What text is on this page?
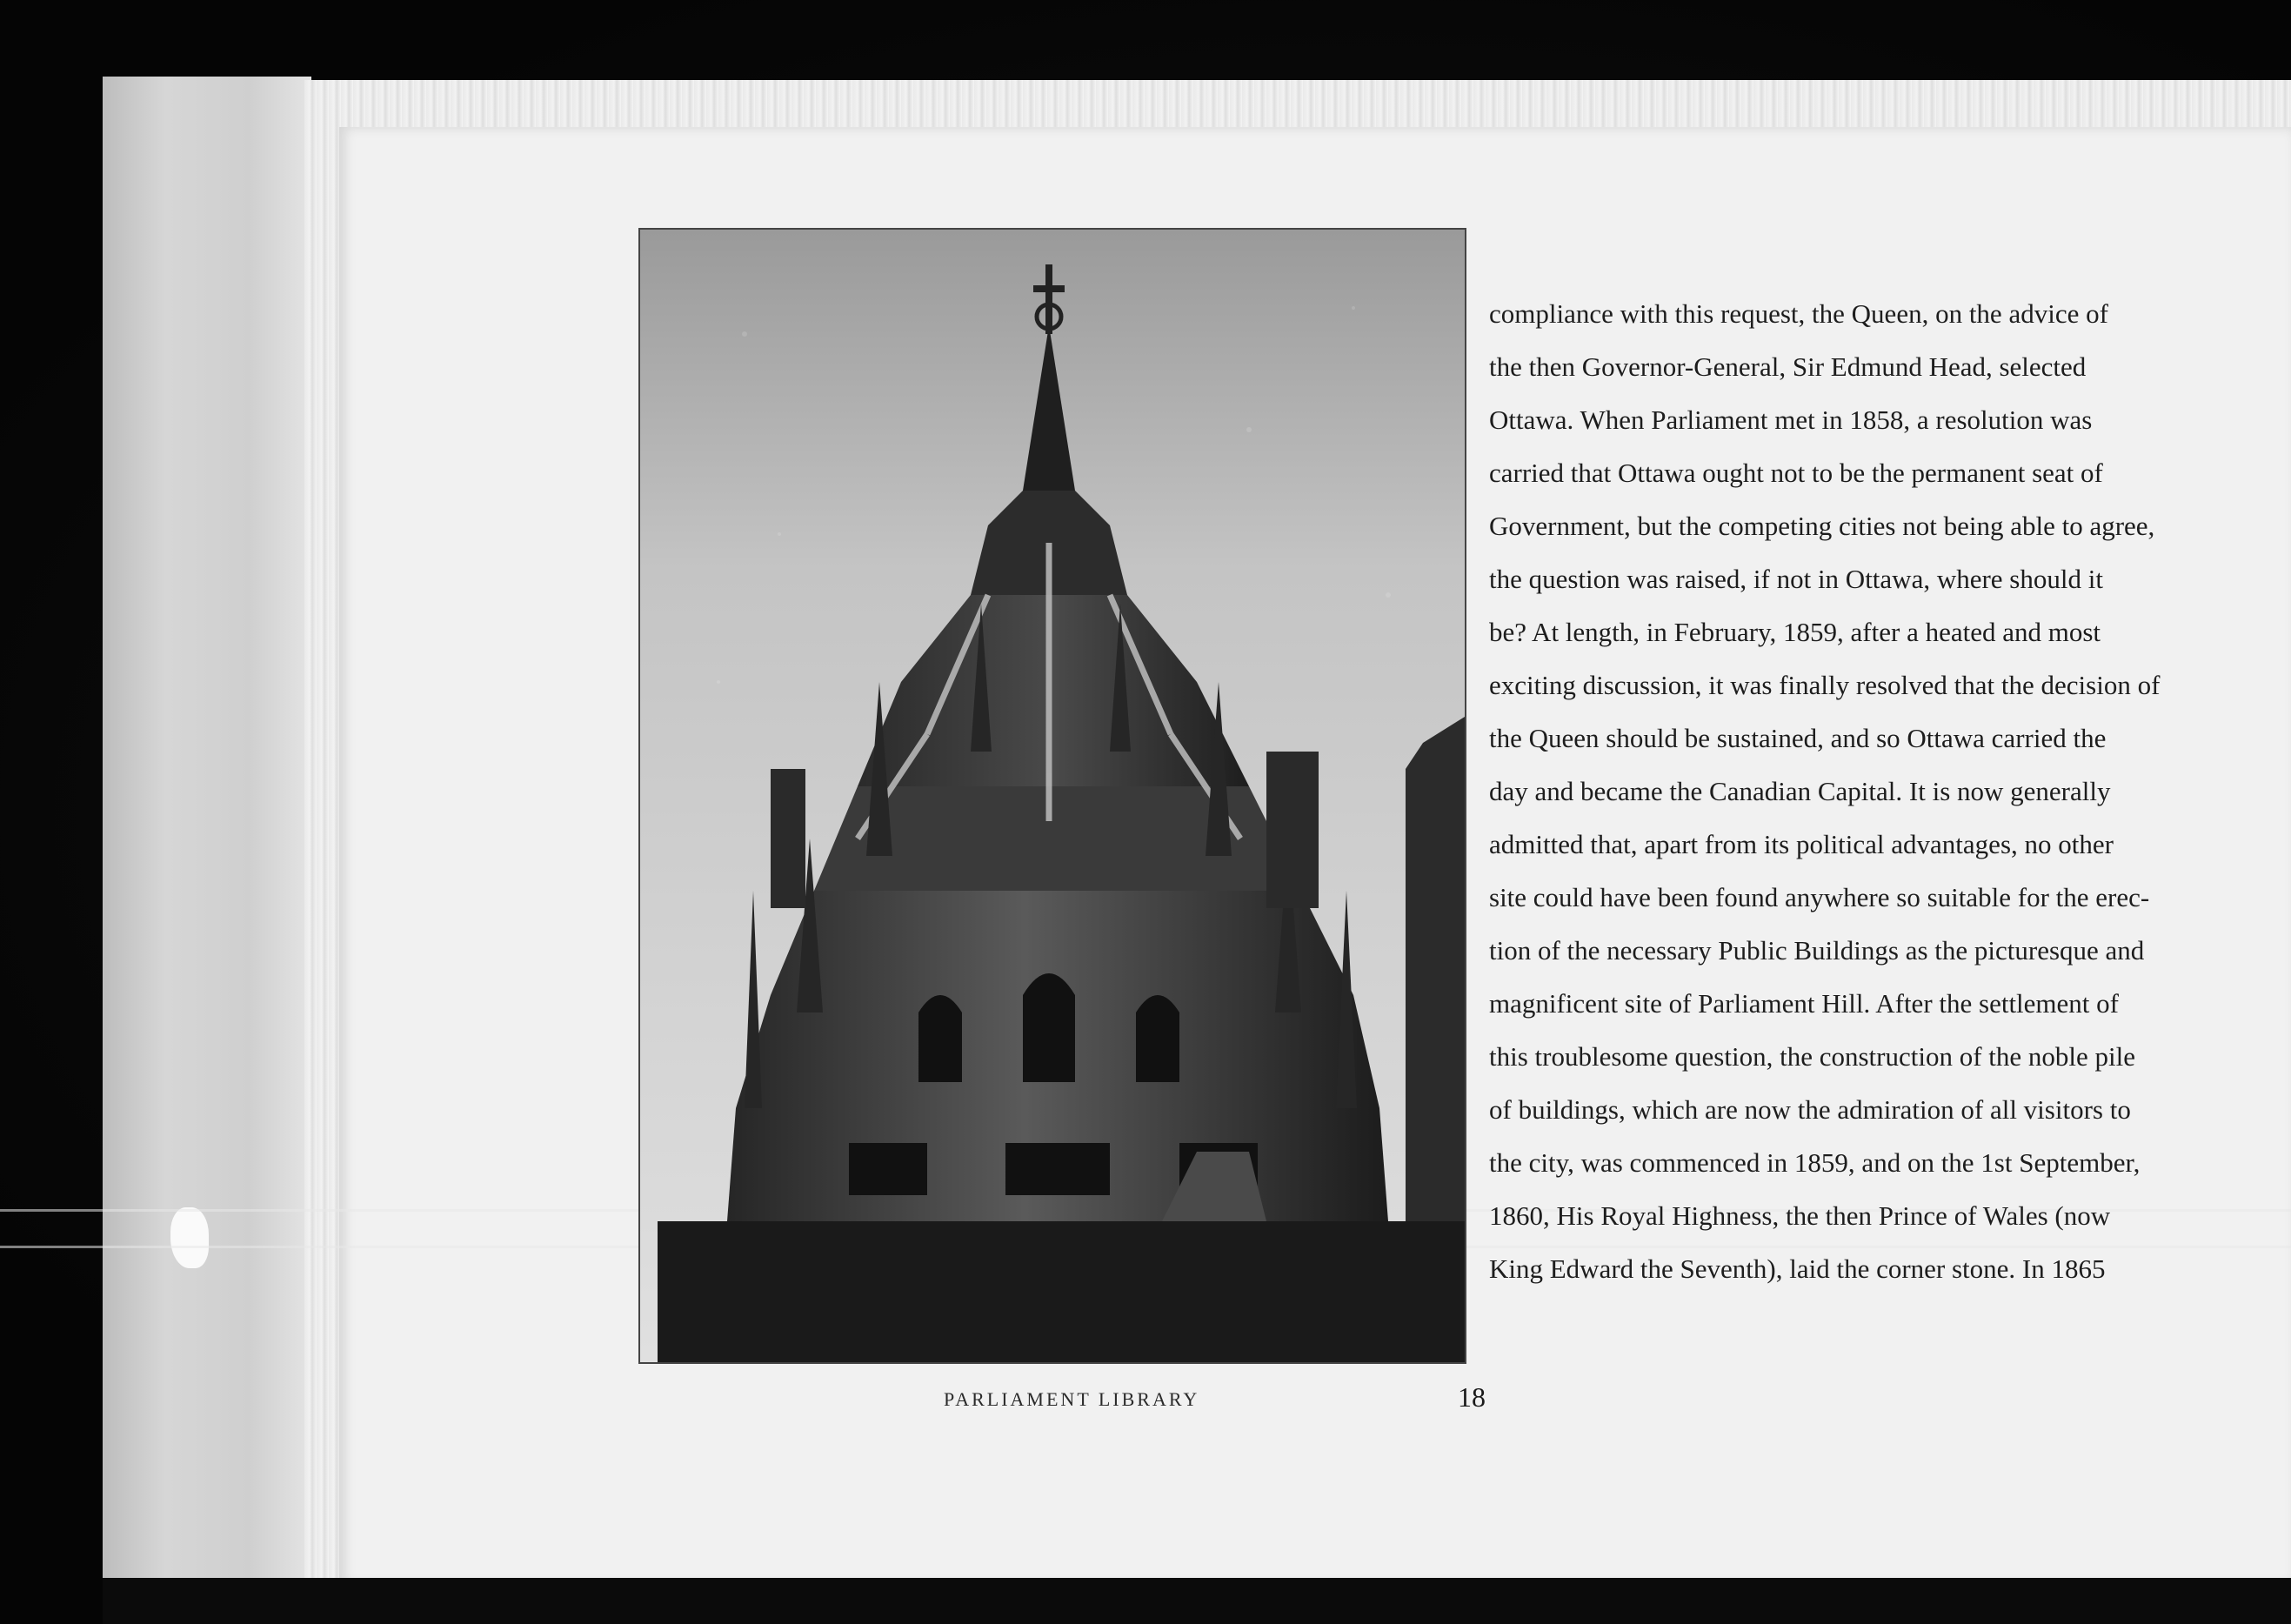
PARLIAMENT LIBRARY	18
compliance with this request, the Queen, on the advice of
the then Governor-General, Sir Edmund Head, selected
Ottawa. When Parliament met in 1858, a resolution was
carried that Ottawa ought not to be the permanent seat of
Government, but the competing cities not being able to agree,
the question was raised, if not in Ottawa, where should it
be? At length, in February, 1859, after a heated and most
exciting discussion, it was finally resolved that the decision of
the Queen should be sustained, and so Ottawa carried the
day and became the Canadian Capital. It is now generally
admitted that, apart from its political advantages, no other
site could have been found anywhere so suitable for the erec-
tion of the necessary Public Buildings as the picturesque and
magnificent site of Parliament Hill. After the settlement of
this troublesome question, the construction of the noble pile
of buildings, which are now the admiration of all visitors to
the city, was commenced in 1859, and on the 1st September,
1860, His Royal Highness, the then Prince of Wales (now
King Edward the Seventh), laid the corner stone. In 1865
